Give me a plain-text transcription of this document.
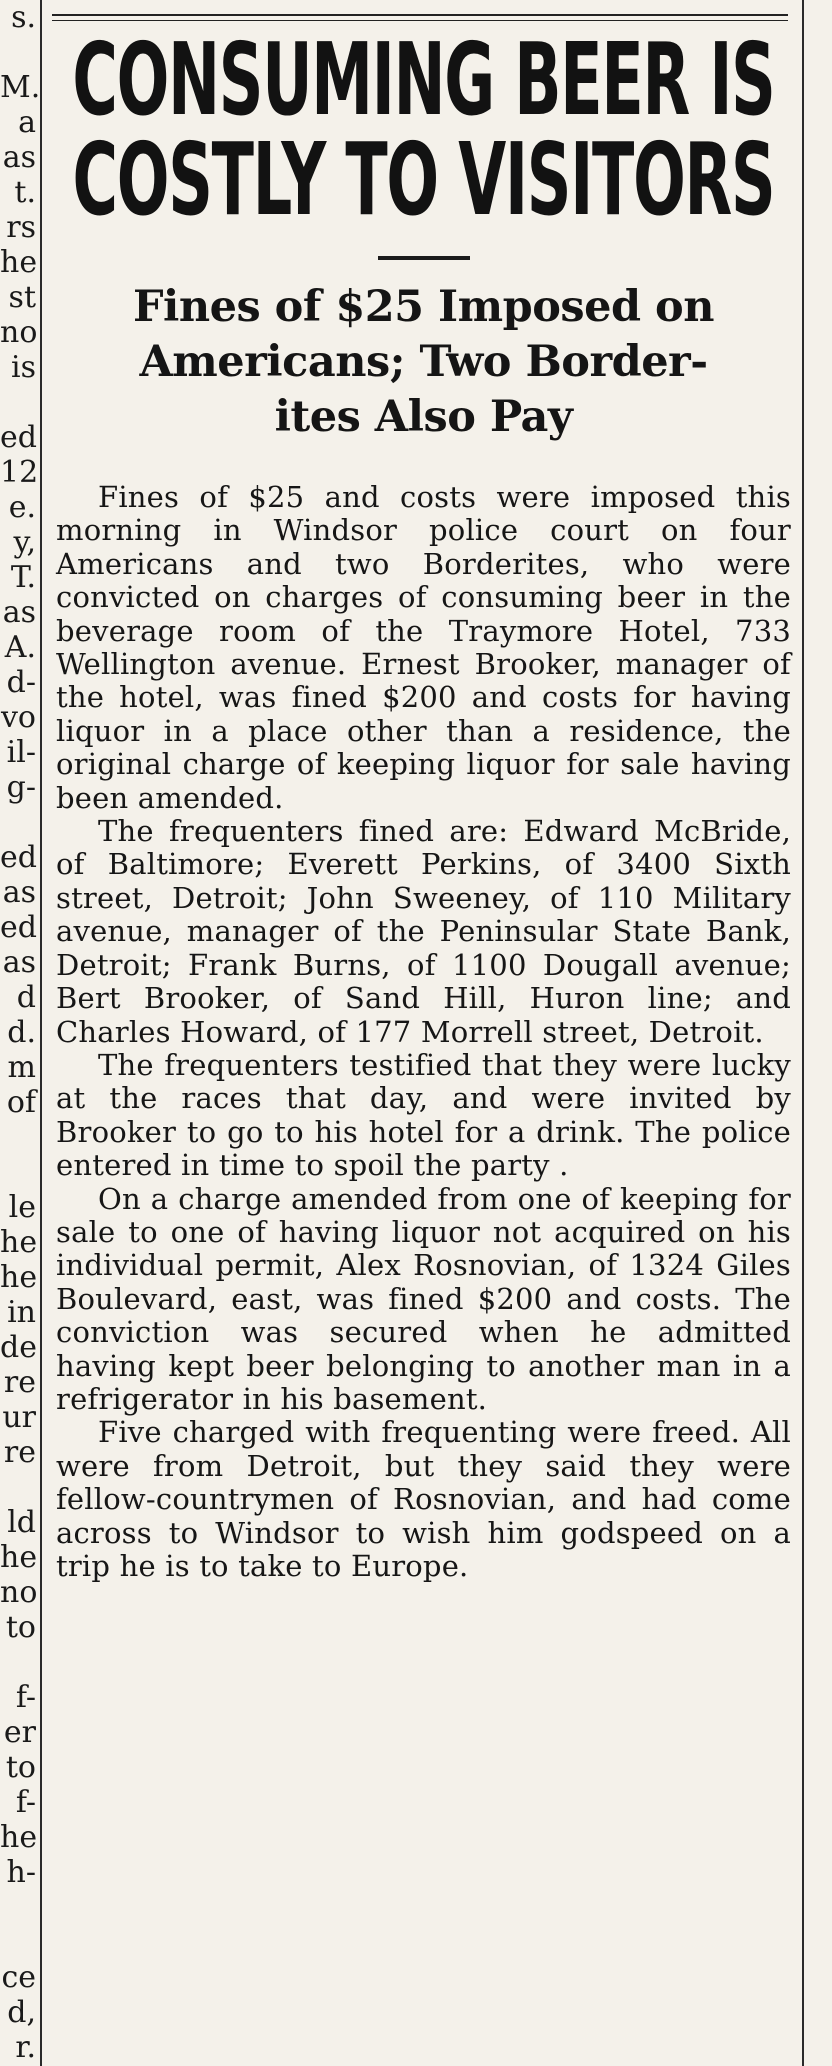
s.
M.
a
as
t.
rs
he
st
no
is
ed
12
e.
y,
T.
as
A.
d-
vo
il-
g-
ed
as
ed
as
d
d.
m
of
le
he
he
in
de
re
ur
re
ld
he
no
to
f-
er
to
f-
he
h-
ce
d,
r.
CONSUMING BEER IS
COSTLY TO VISITORS
Fines of $25 Imposed on
Americans; Two Border-
ites Also Pay

Fines of $25 and costs were imposed this morning in Windsor police court on four Americans and two Borderites, who were convicted on charges of consuming beer in the beverage room of the Traymore Hotel, 733 Wellington avenue. Ernest Brooker, manager of the hotel, was fined $200 and costs for having liquor in a place other than a residence, the original charge of keeping liquor for sale having been amended.

The frequenters fined are: Edward McBride, of Baltimore; Everett Perkins, of 3400 Sixth street, Detroit; John Sweeney, of 110 Military avenue, manager of the Peninsular State Bank, Detroit; Frank Burns, of 1100 Dougall avenue; Bert Brooker, of Sand Hill, Huron line; and Charles Howard, of 177 Morrell street, Detroit.

The frequenters testified that they were lucky at the races that day, and were invited by Brooker to go to his hotel for a drink. The police entered in time to spoil the party .

On a charge amended from one of keeping for sale to one of having liquor not acquired on his individual permit, Alex Rosnovian, of 1324 Giles Boulevard, east, was fined $200 and costs. The conviction was secured when he admitted having kept beer belonging to another man in a refrigerator in his basement.

Five charged with frequenting were freed. All were from Detroit, but they said they were fellow-countrymen of Rosnovian, and had come across to Windsor to wish him godspeed on a trip he is to take to Europe.
